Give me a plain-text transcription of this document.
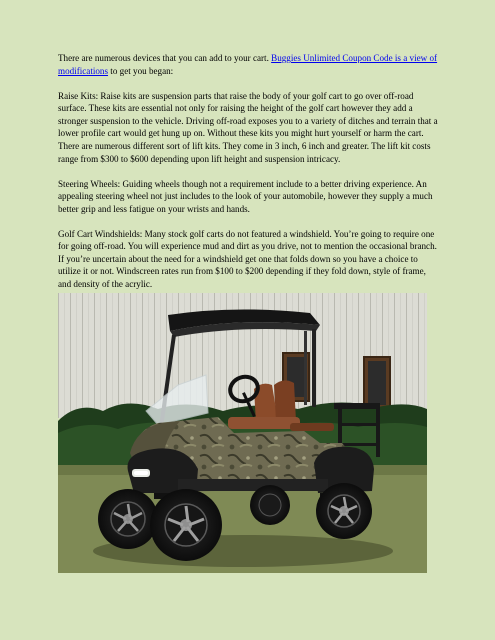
There are numerous devices that you can add to your cart. Buggies Unlimited Coupon Code is a view of modifications to get you began:

Raise Kits: Raise kits are suspension parts that raise the body of your golf cart to go over off-road surface. These kits are essential not only for raising the height of the golf cart however they add a stronger suspension to the vehicle. Driving off-road exposes you to a variety of ditches and terrain that a lower profile cart would get hung up on. Without these kits you might hurt yourself or harm the cart. There are numerous different sort of lift kits. They come in 3 inch, 6 inch and greater. The lift kit costs range from $300 to $600 depending upon lift height and suspension intricacy.

Steering Wheels: Guiding wheels though not a requirement include to a better driving experience. An appealing steering wheel not just includes to the look of your automobile, however they supply a much better grip and less fatigue on your wrists and hands.

Golf Cart Windshields: Many stock golf carts do not featured a windshield. You’re going to require one for going off-road. You will experience mud and dirt as you drive, not to mention the occasional branch. If you’re uncertain about the need for a windshield get one that folds down so you have a choice to utilize it or not. Windscreen rates run from $100 to $200 depending if they fold down, style of frame, and density of the acrylic.
